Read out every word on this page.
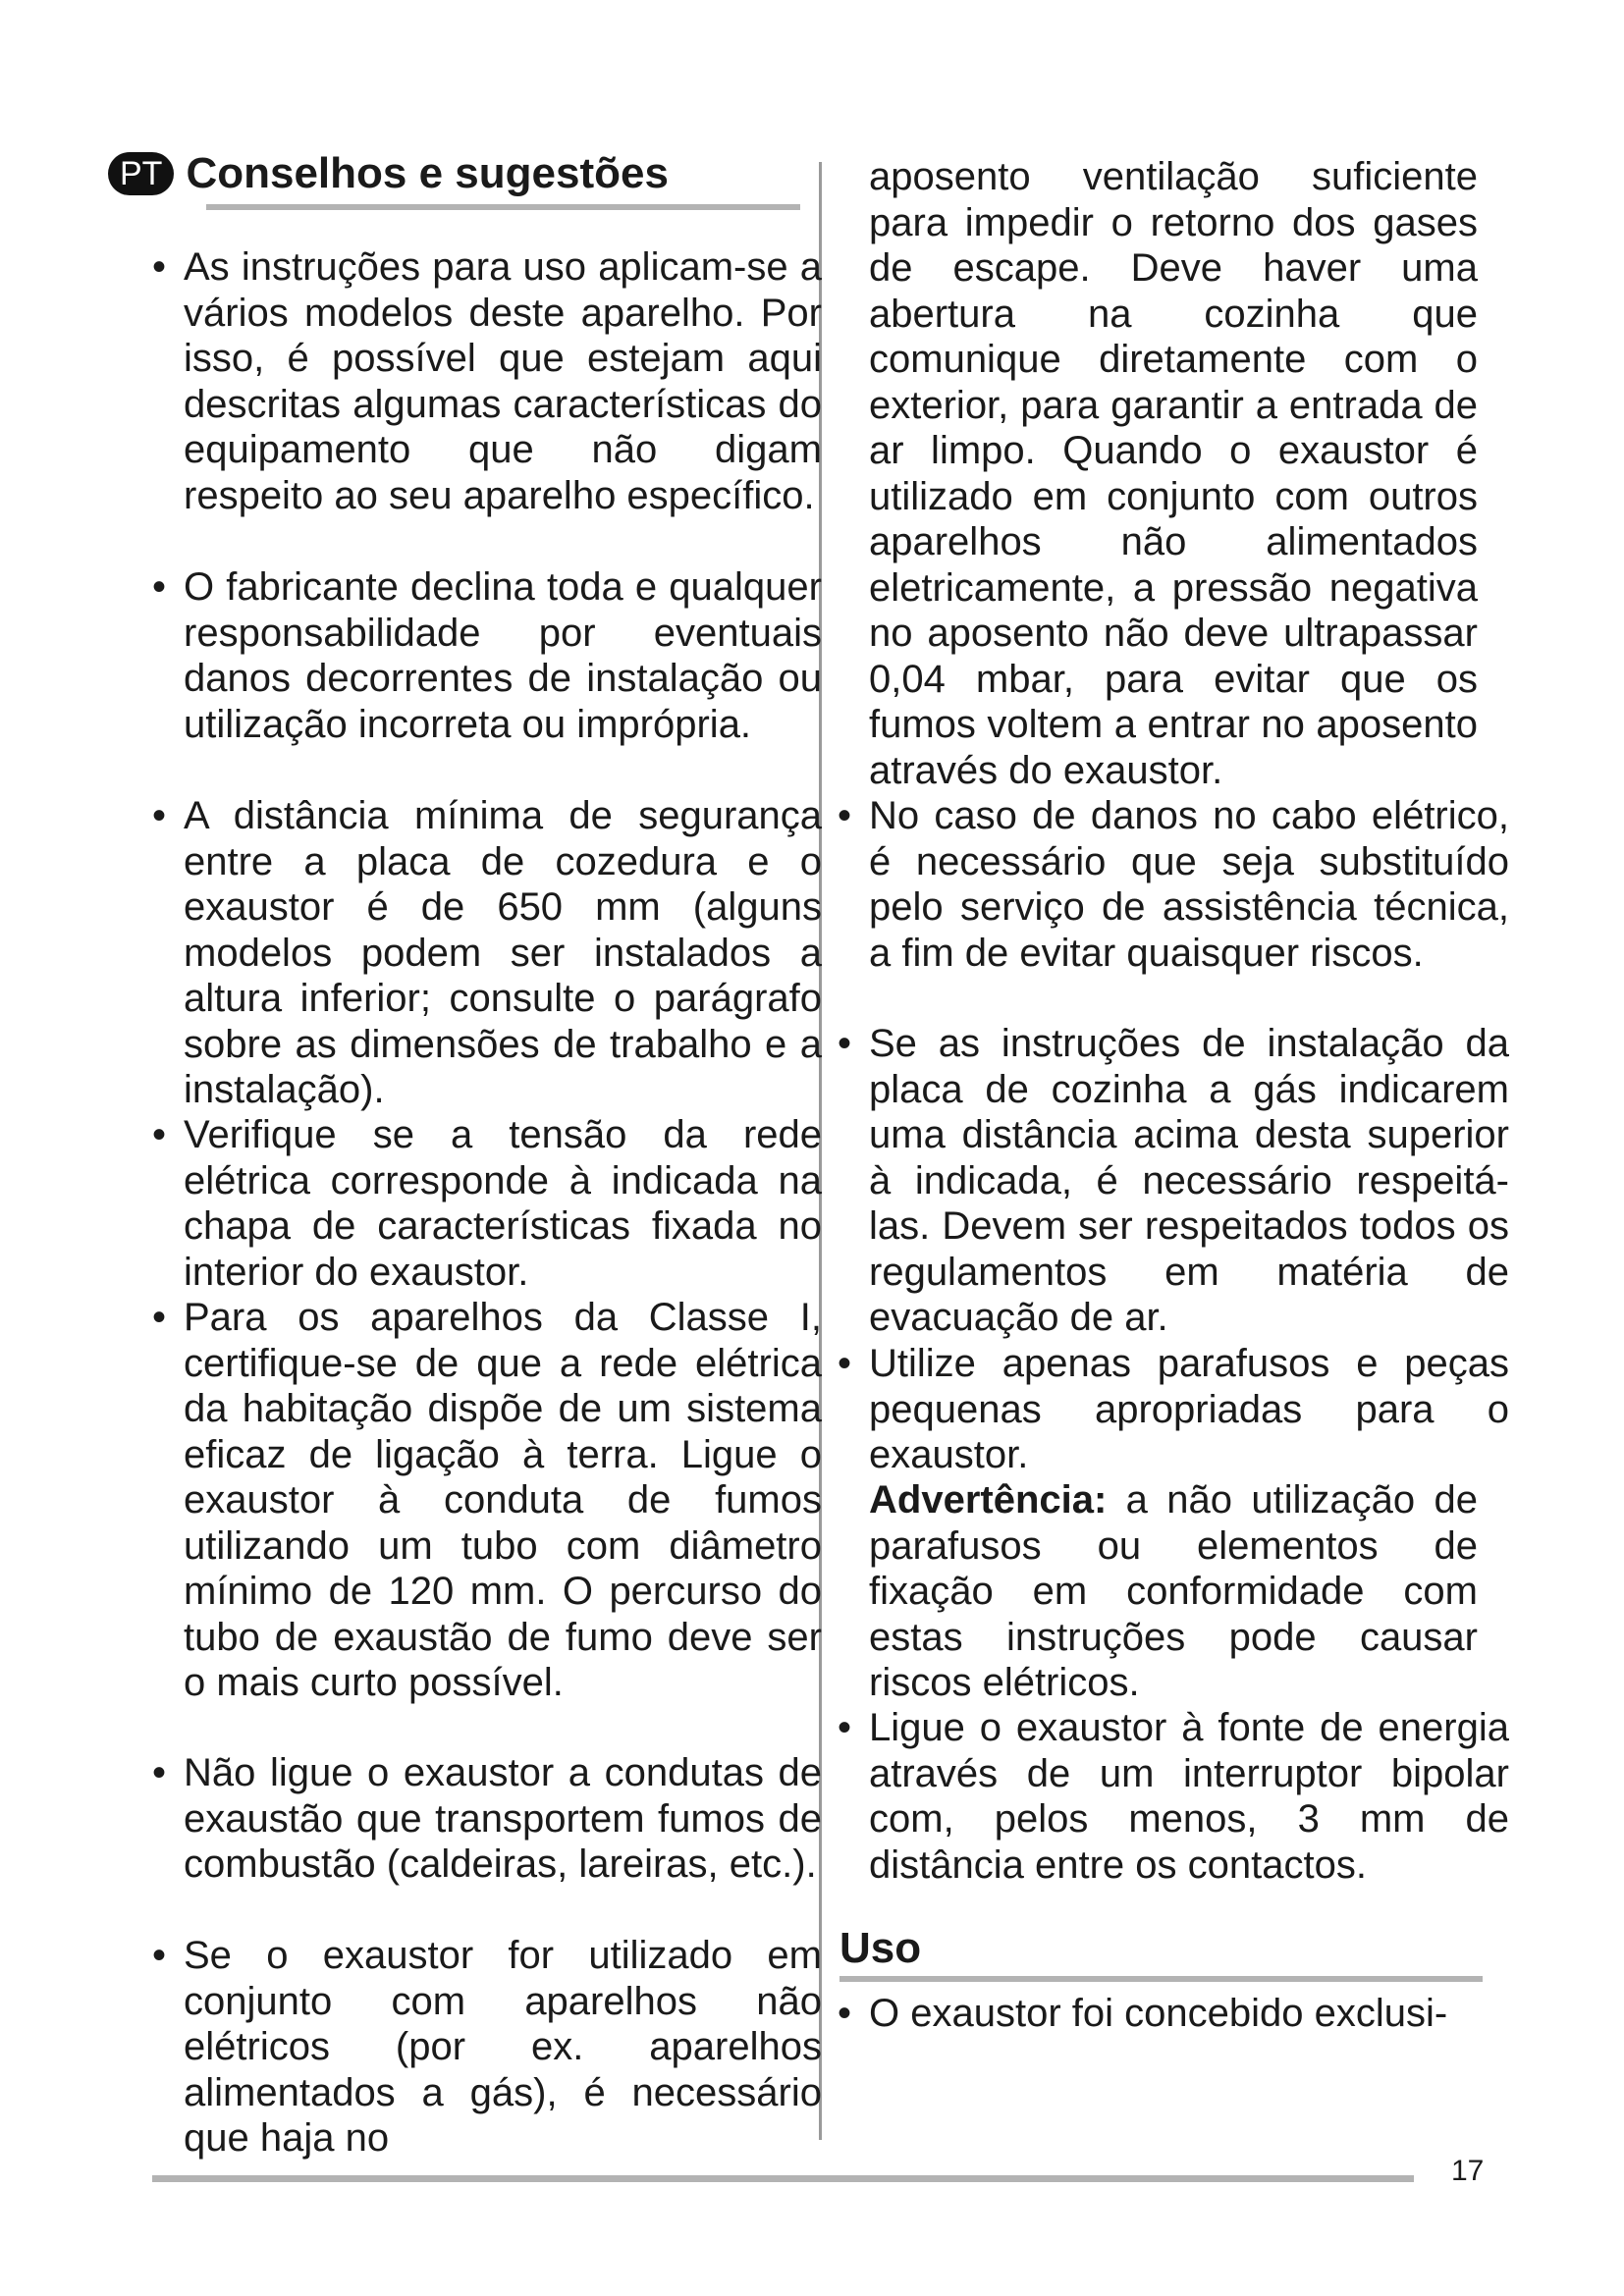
PT Conselhos e sugestões
• As instruções para uso aplicam-se a vários modelos deste aparelho. Por isso, é possível que estejam aqui descritas algumas características do equipamento que não digam respeito ao seu aparelho específico.
• O fabricante declina toda e qualquer responsabilidade por eventuais danos decorrentes de instalação ou utilização incorreta ou imprópria.
• A distância mínima de segurança entre a placa de cozedura e o exaustor é de 650 mm (alguns modelos podem ser instalados a altura inferior; consulte o parágrafo sobre as dimensões de trabalho e a instalação).
• Verifique se a tensão da rede elétrica corresponde à indicada na chapa de características fixada no interior do exaustor.
• Para os aparelhos da Classe I, certifique-se de que a rede elétrica da habitação dispõe de um sistema eficaz de ligação à terra. Ligue o exaustor à conduta de fumos utilizando um tubo com diâmetro mínimo de 120 mm. O percurso do tubo de exaustão de fumo deve ser o mais curto possível.
• Não ligue o exaustor a condutas de exaustão que transportem fumos de combustão (caldeiras, lareiras, etc.).
• Se o exaustor for utilizado em conjunto com aparelhos não elétricos (por ex. aparelhos alimentados a gás), é necessário que haja no

aposento ventilação suficiente para impedir o retorno dos gases de escape. Deve haver uma abertura na cozinha que comunique diretamente com o exterior, para garantir a entrada de ar limpo. Quando o exaustor é utilizado em conjunto com outros aparelhos não alimentados eletricamente, a pressão negativa no aposento não deve ultrapassar 0,04 mbar, para evitar que os fumos voltem a entrar no aposento através do exaustor.

• No caso de danos no cabo elétrico, é necessário que seja substituído pelo serviço de assistência técnica, a fim de evitar quaisquer riscos.
• Se as instruções de instalação da placa de cozinha a gás indicarem uma distância acima desta superior à indicada, é necessário respeitá-las. Devem ser respeitados todos os regulamentos em matéria de evacuação de ar.
• Utilize apenas parafusos e peças pequenas apropriadas para o exaustor.

Advertência: a não utilização de parafusos ou elementos de fixação em conformidade com estas instruções pode causar riscos elétricos.

• Ligue o exaustor à fonte de energia através de um interruptor bipolar com, pelos menos, 3 mm de distância entre os contactos.
Uso
• O exaustor foi concebido exclusi-
17
